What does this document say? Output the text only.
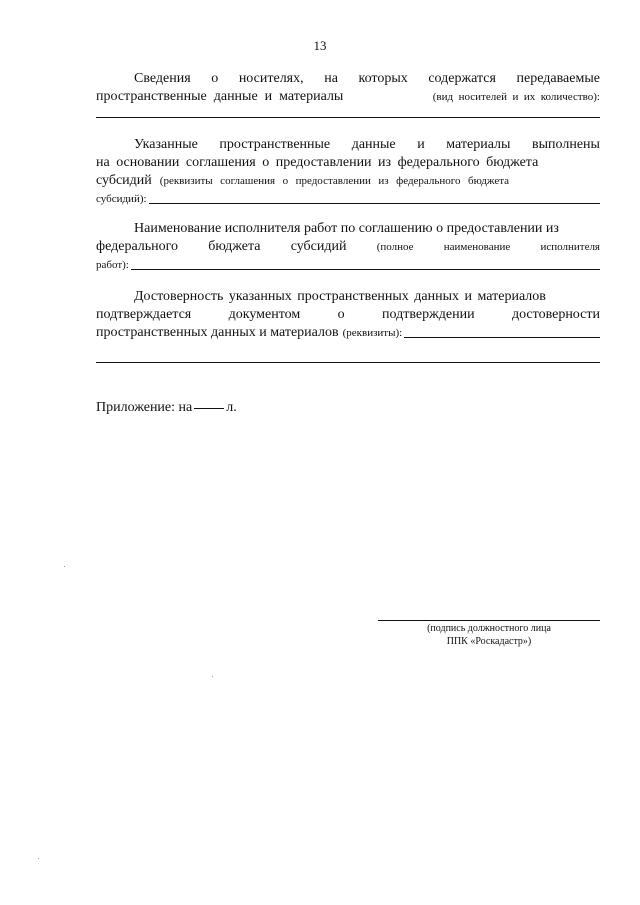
13
Сведения о носителях, на которых содержатся передаваемые
пространственные  данные  и  материалы	(вид  носителей  и  их  количество):
Указанные пространственные данные и материалы выполнены
на основании соглашения о предоставлении из федерального бюджета
субсидий (реквизиты  соглашения  о  предоставлении  из  федерального  бюджета
субсидий):
Наименование исполнителя работ по соглашению о предоставлении из
федерального бюджета субсидий	(полное	наименование	исполнителя
работ):
Достоверность указанных пространственных данных и материалов
подтверждается	документом	о	подтверждении	достоверности
пространственных данных и материалов (реквизиты):
Приложение: на л.
(подпись должностного лица
ППК «Роскадастр»)
